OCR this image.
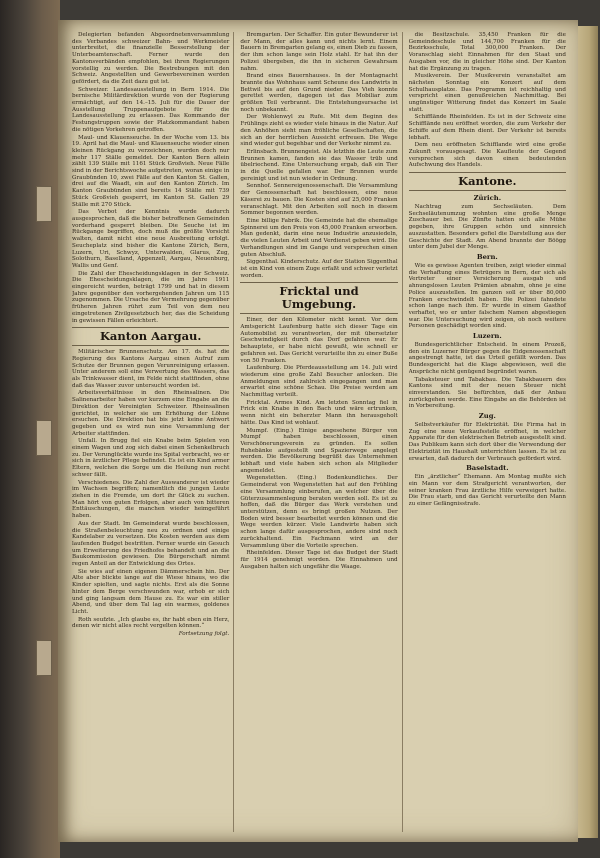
Delegierten befanden Abgeordnetenversammlung des Verbandes schweizer Bahn- und Werkmeister unterbreitet, die finanzielle Besserstellung der Unterbeamtenschaft. Ferner wurde den Kantonsverbänden empfohlen, bei ihren Regierungen vorstellig zu werden. Die Bestrebungen mit den Schweiz. Angestellten und Gewerbevereinen werden gefördert, da die Zeit dazu gut ist.

Schweizer. Landesausstellung in Bern 1914. Die bernische Militärdirektion wurde von der Regierung ermächtigt, auf den 14.–15. Juli für die Dauer der Ausstellung Truppenaufgebote für die Landesausstellung zu erlassen. Das Kommando der Festungstruppen sowie der Platzkommandant haben die nötigen Vorkehren getroffen.

Maul- und Klauenseuche. In der Woche vom 13. bis 19. April hat die Maul- und Klauenseuche wieder einen kleinen Rückgang zu verzeichnen, wurden doch nur mehr 117 Ställe gemeldet. Der Kanton Bern allein zählt 139 Ställe mit 1161 Stück Großvieh. Neue Fälle sind in der Berichtswoche aufgetreten, woran einige in Graubünden 10, zwei Fälle auf den Kanton St. Gallen, drei auf die Waadt, ein auf den Kanton Zürich. Im Kanton Graubünden sind bereits 14 Ställe mit 739 Stück Großvieh gesperrt, im Kanton St. Gallen 29 Ställe mit 270 Stück.

Das Verbot der Kenntnis wurde dadurch ausgesprochen, daß die bisher betroffenen Gemeinden vorderhand gesperrt bleiben. Die Seuche ist im Rückgange begriffen, doch muß die größte Vorsicht walten, damit nicht eine neue Ausbreitung erfolgt. Seucheplatz sind bisher die Kantone Zürich, Bern, Luzern, Uri, Schwyz, Unterwalden, Glarus, Zug, Solothurn, Baselland, Appenzell, Aargau, Neuenburg, Wallis und Genf.

Die Zahl der Ehescheidungsklagen in der Schweiz. Die Ehescheidungsklagen, die im Jahre 1911 eingereicht wurden, beträgt 1799 und hat in diesem Jahre gegenüber den vorhergehenden Jahren um 115 zugenommen. Die Ursache der Vermehrung gegenüber früheren Jahren rührt zum Teil von dem neu eingetretenen Zivilgesetzbuch her, das die Scheidung in gewissen Fällen erleichtert.

Kanton Aargau.

Militärischer Brunnenschutz. Am 17. ds. hat die Regierung des Kantons Aargau einen Aufruf zum Schutze der Brunnen gegen Verunreinigung erlassen. Unter anderem soll eine Verwertung des Wassers, das als Trinkwasser dient, im Felde nicht stattfinden, ohne daß das Wasser zuvor untersucht worden ist.

Arbeitsverhältnisse in den Rheinsalinen. Die Salinenarbeiter haben vor kurzem eine Eingabe an die Direktion der Vereinigten Schweizer. Rheinsalinen gerichtet, in welcher sie um Erhöhung der Löhne ersuchen. Die Direktion hat bis jetzt keine Antwort gegeben und es wird nun eine Versammlung der Arbeiter stattfinden.

Unfall. In Brugg fiel ein Knabe beim Spielen von einem Wagen und zog sich dabei einen Schenkelbruch zu. Der Verunglückte wurde ins Spital verbracht, wo er sich in ärztlicher Pflege befindet. Es ist ein Kind armer Eltern, welchen die Sorge um die Heilung nun recht schwer fällt.

Verschiedenes. Die Zahl der Auswanderer ist wieder im Wachsen begriffen; namentlich die jungen Leute ziehen in die Fremde, um dort ihr Glück zu suchen. Man hört von guten Erfolgen, aber auch von bitteren Enttäuschungen, die manchen wieder heimgeführt haben.

Aus der Stadt. Im Gemeinderat wurde beschlossen, die Straßenbeleuchtung neu zu ordnen und einige Kandelaber zu versetzen. Die Kosten werden aus dem laufenden Budget bestritten. Ferner wurde ein Gesuch um Erweiterung des Friedhofes behandelt und an die Baukommission gewiesen. Die Bürgerschaft nimmt regen Anteil an der Entwicklung des Ortes.

Sie wies auf einen eigenen Dämmerschein hin. Der Alte aber blickte lange auf die Wiese hinaus, wo die Kinder spielten, und sagte nichts. Erst als die Sonne hinter dem Berge verschwunden war, erhob er sich und ging langsam dem Hause zu. Es war ein stiller Abend, und über dem Tal lag ein warmes, goldenes Licht.

Roth seufzte. „Ich glaube es, ihr habt eben ein Herz, denen wir nicht alles recht vergelten können.“

Fortsetzung folgt.

Bremgarten. Der Schaffer. Ein guter Bewunderer ist der Mann, der alles kann und nichts lernt. Einem Bauern in Bremgarten gelang es, einen Dieb zu fassen, der ihm schon lange sein Holz stahl. Er hat ihn der Polizei übergeben, die ihn in sicheren Gewahrsam nahm.

Brand eines Bauernhauses. In der Montagnacht brannte das Wohnhaus samt Scheune des Landwirts in Bettwil bis auf den Grund nieder. Das Vieh konnte gerettet werden, dagegen ist das Mobiliar zum größten Teil verbrannt. Die Entstehungsursache ist noch unbekannt.

Der Wohlenwyl zu Rufe. Mit dem Beginn des Frühlings zieht es wieder viele hinaus in die Natur. Auf den Anhöhen sieht man fröhliche Gesellschaften, die sich an der herrlichen Aussicht erfreuen. Die Wege sind wieder gut begehbar und der Verkehr nimmt zu.

Erlinsbach. Brunnengeist. Als letzthin die Leute zum Brunnen kamen, fanden sie das Wasser trüb und übelriechend. Eine Untersuchung ergab, daß ein Tier in die Quelle gefallen war. Der Brunnen wurde gereinigt und ist nun wieder in Ordnung.

Sennhof. Sennereigenossenschaft. Die Versammlung der Genossenschaft hat beschlossen, eine neue Käserei zu bauen. Die Kosten sind auf 25,000 Franken veranschlagt. Mit den Arbeiten soll noch in diesem Sommer begonnen werden.

Eine billige Fabrik. Die Gemeinde hat die ehemalige Spinnerei um den Preis von 45,000 Franken erworben. Man gedenkt, darin eine neue Industrie anzusiedeln, die vielen Leuten Arbeit und Verdienst geben wird. Die Verhandlungen sind im Gange und versprechen einen guten Abschluß.

Siggenthal. Kinderschutz. Auf der Station Siggenthal ist ein Kind von einem Zuge erfaßt und schwer verletzt worden.

Fricktal und Umgebung.

Einer, der den Kilometer nicht kennt. Vor dem Amtsgericht Laufenburg hatte sich dieser Tage ein Automobilist zu verantworten, der mit übersetzter Geschwindigkeit durch das Dorf gefahren war. Er behauptete, er habe nicht gewußt, wie schnell er gefahren sei. Das Gericht verurteilte ihn zu einer Buße von 50 Franken.

Laufenburg. Die Pferdeausstellung am 14. Juli wird wiederum eine große Zahl Besucher anlocken. Die Anmeldungen sind zahlreich eingegangen und man erwartet eine schöne Schau. Die Preise werden am Nachmittag verteilt.

Fricktal. Armes Kind. Am letzten Sonntag fiel in Frick ein Knabe in den Bach und wäre ertrunken, wenn nicht ein beherzter Mann ihn herausgeholt hätte. Das Kind ist wohlauf.

Mumpf. (Eing.) Einige angesehene Bürger von Mumpf haben beschlossen, einen Verschönerungsverein zu gründen. Es sollen Ruhebänke aufgestellt und Spazierwege angelegt werden. Die Bevölkerung begrüßt das Unternehmen lebhaft und viele haben sich schon als Mitglieder angemeldet.

Wegenstetten. (Eing.) Bodenkundliches. Der Gemeinderat von Wegenstetten hat auf den Frühling eine Versammlung einberufen, an welcher über die Güterzusammenlegung beraten werden soll. Es ist zu hoffen, daß die Bürger das Werk verstehen und unterstützen, denn es bringt großen Nutzen. Der Boden wird besser bearbeitet werden können und die Wege werden kürzer. Viele Landwirte haben sich schon lange dafür ausgesprochen, andere sind noch zurückhaltend. Ein Fachmann wird an der Versammlung über die Vorteile sprechen.

Rheinfelden. Dieser Tage ist das Budget der Stadt für 1914 genehmigt worden. Die Einnahmen und Ausgaben halten sich ungefähr die Waage.

die Besitzschule. 35,450 Franken für die Gemeindeschule und 144,700 Franken für die Bezirksschule, Total 300,000 Franken. Der Voranschlag sieht Einnahmen für den Staat und Ausgaben vor, die in gleicher Höhe sind. Der Kanton hat die Ergänzung zu tragen.

Musikverein. Der Musikverein veranstaltet am nächsten Sonntag ein Konzert auf dem Schulhausplatze. Das Programm ist reichhaltig und verspricht einen genußreichen Nachmittag. Bei ungünstiger Witterung findet das Konzert im Saale statt.

Schifflände Rheinfelden. Es ist in der Schweiz eine Schifflände neu eröffnet worden, die zum Verkehr der Schiffe auf dem Rhein dient. Der Verkehr ist bereits lebhaft.

Dem neu eröffneten Schifflande wird eine große Zukunft vorausgesagt. Die Kaufleute der Gegend versprechen sich davon einen bedeutenden Aufschwung des Handels.

Kantone.
Zürich.

Nachtrag zum Sechseläuten. Dem Sechseläutenumzug wohnten eine große Menge Zuschauer bei. Die Zünfte hatten sich alle Mühe gegeben, ihre Gruppen schön und sinnreich auszustatten. Besonders gefiel die Darstellung aus der Geschichte der Stadt. Am Abend brannte der Böögg unter dem Jubel der Menge.

Bern.

Wie es gewisse Agenten treiben, zeigt wieder einmal die Verhaftung eines Betrügers in Bern, der sich als Vertreter einer Versicherung ausgab und ahnungslosen Leuten Prämien abnahm, ohne je eine Police auszustellen. Im ganzen soll er über 80,000 Franken erschwindelt haben. Die Polizei fahndete schon lange nach ihm. Er wurde in einem Gasthof verhaftet, wo er unter falschem Namen abgestiegen war. Die Untersuchung wird zeigen, ob noch weitere Personen geschädigt worden sind.

Luzern.

Bundesgerichtlicher Entscheid. In einem Prozeß, den ein Luzerner Bürger gegen die Eidgenossenschaft angestrengt hatte, ist das Urteil gefällt worden. Das Bundesgericht hat die Klage abgewiesen, weil die Ansprüche nicht genügend begründet waren.

Tabaksteuer und Tabakbau. Die Tabakbauern des Kantons sind mit der neuen Steuer nicht einverstanden. Sie befürchten, daß der Anbau zurückgehen werde. Eine Eingabe an die Behörden ist in Vorbereitung.

Zug.

Selbstverkäufer für Elektrizität. Die Firma hat in Zug eine neue Verkaufsstelle eröffnet, in welcher Apparate für den elektrischen Betrieb ausgestellt sind. Das Publikum kann sich dort über die Verwendung der Elektrizität im Haushalt unterrichten lassen. Es ist zu erwarten, daß dadurch der Verbrauch gefördert wird.

Baselstadt.

Ein „ärztlicher“ Ehemann. Am Montag mußte sich ein Mann vor dem Strafgericht verantworten, der seiner kranken Frau ärztliche Hilfe verweigert hatte. Die Frau starb, und das Gericht verurteilte den Mann zu einer Gefängnisstrafe.
